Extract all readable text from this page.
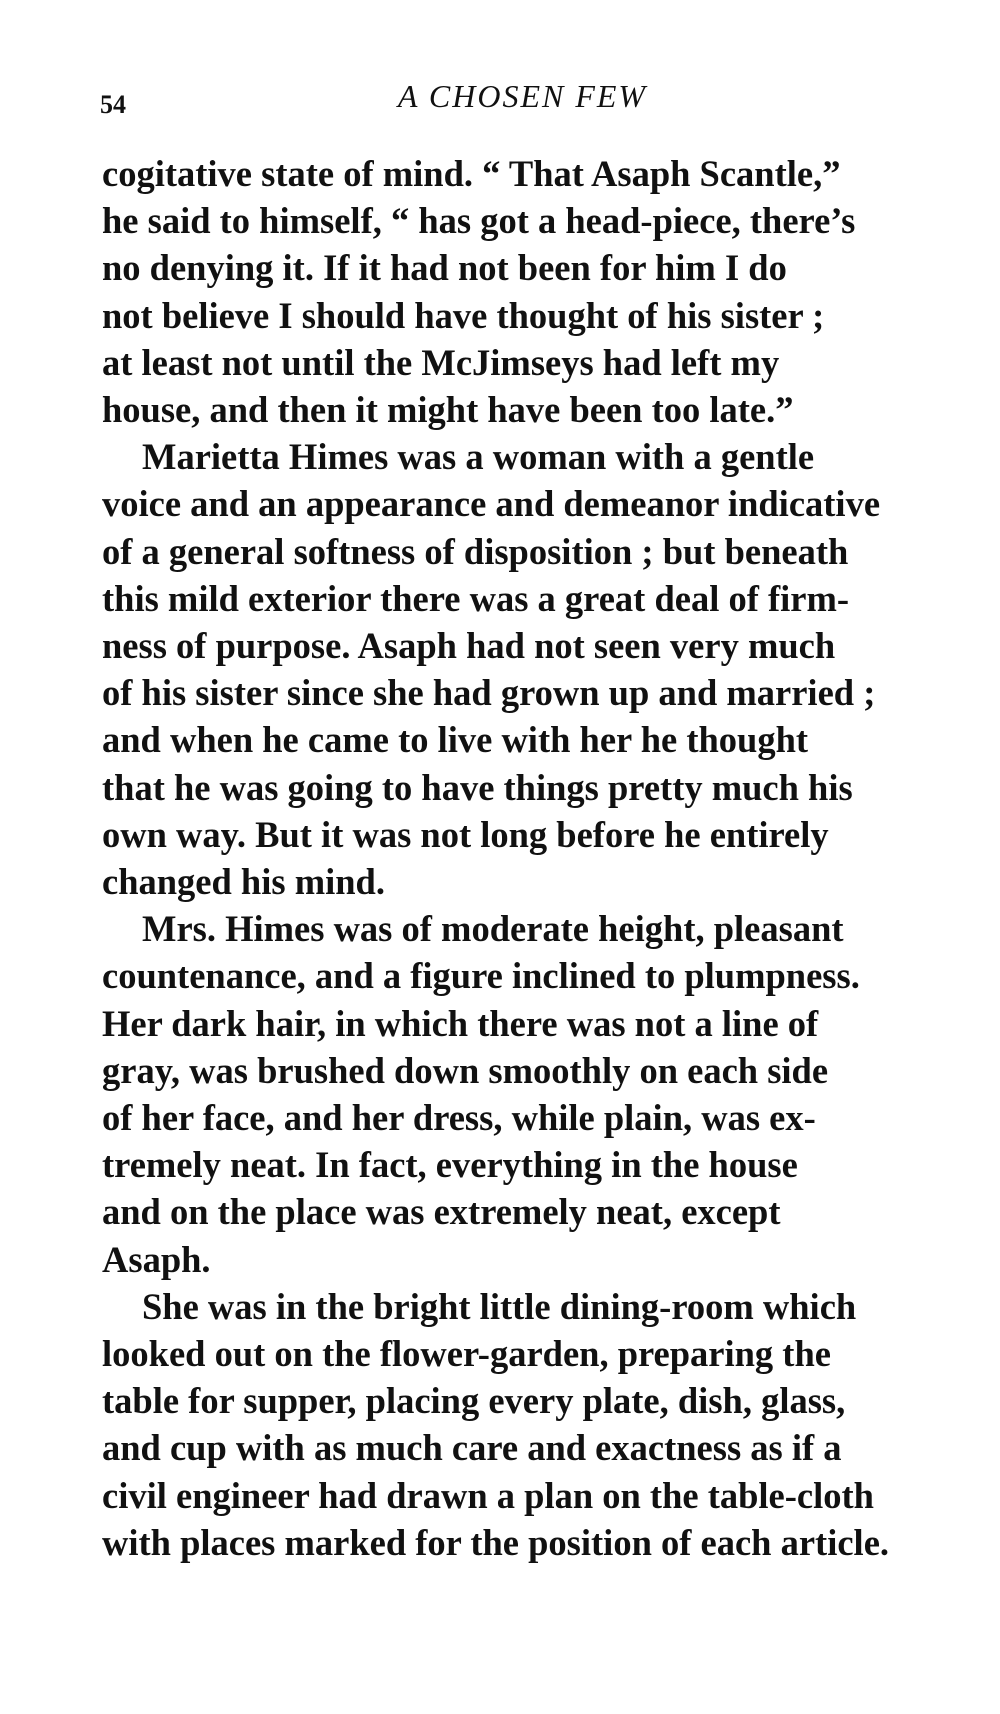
54	A CHOSEN FEW

cogitative state of mind. “ That Asaph Scantle,”
he said to himself, “ has got a head-piece, there’s
no denying it. If it had not been for him I do
not believe I should have thought of his sister ;
at least not until the McJimseys had left my
house, and then it might have been too late.”

Marietta Himes was a woman with a gentle
voice and an appearance and demeanor indicative
of a general softness of disposition ; but beneath
this mild exterior there was a great deal of firm-
ness of purpose. Asaph had not seen very much
of his sister since she had grown up and married ;
and when he came to live with her he thought
that he was going to have things pretty much his
own way. But it was not long before he entirely
changed his mind.

Mrs. Himes was of moderate height, pleasant
countenance, and a figure inclined to plumpness.
Her dark hair, in which there was not a line of
gray, was brushed down smoothly on each side
of her face, and her dress, while plain, was ex-
tremely neat. In fact, everything in the house
and on the place was extremely neat, except
Asaph.

She was in the bright little dining-room which
looked out on the flower-garden, preparing the
table for supper, placing every plate, dish, glass,
and cup with as much care and exactness as if a
civil engineer had drawn a plan on the table-cloth
with places marked for the position of each article.
